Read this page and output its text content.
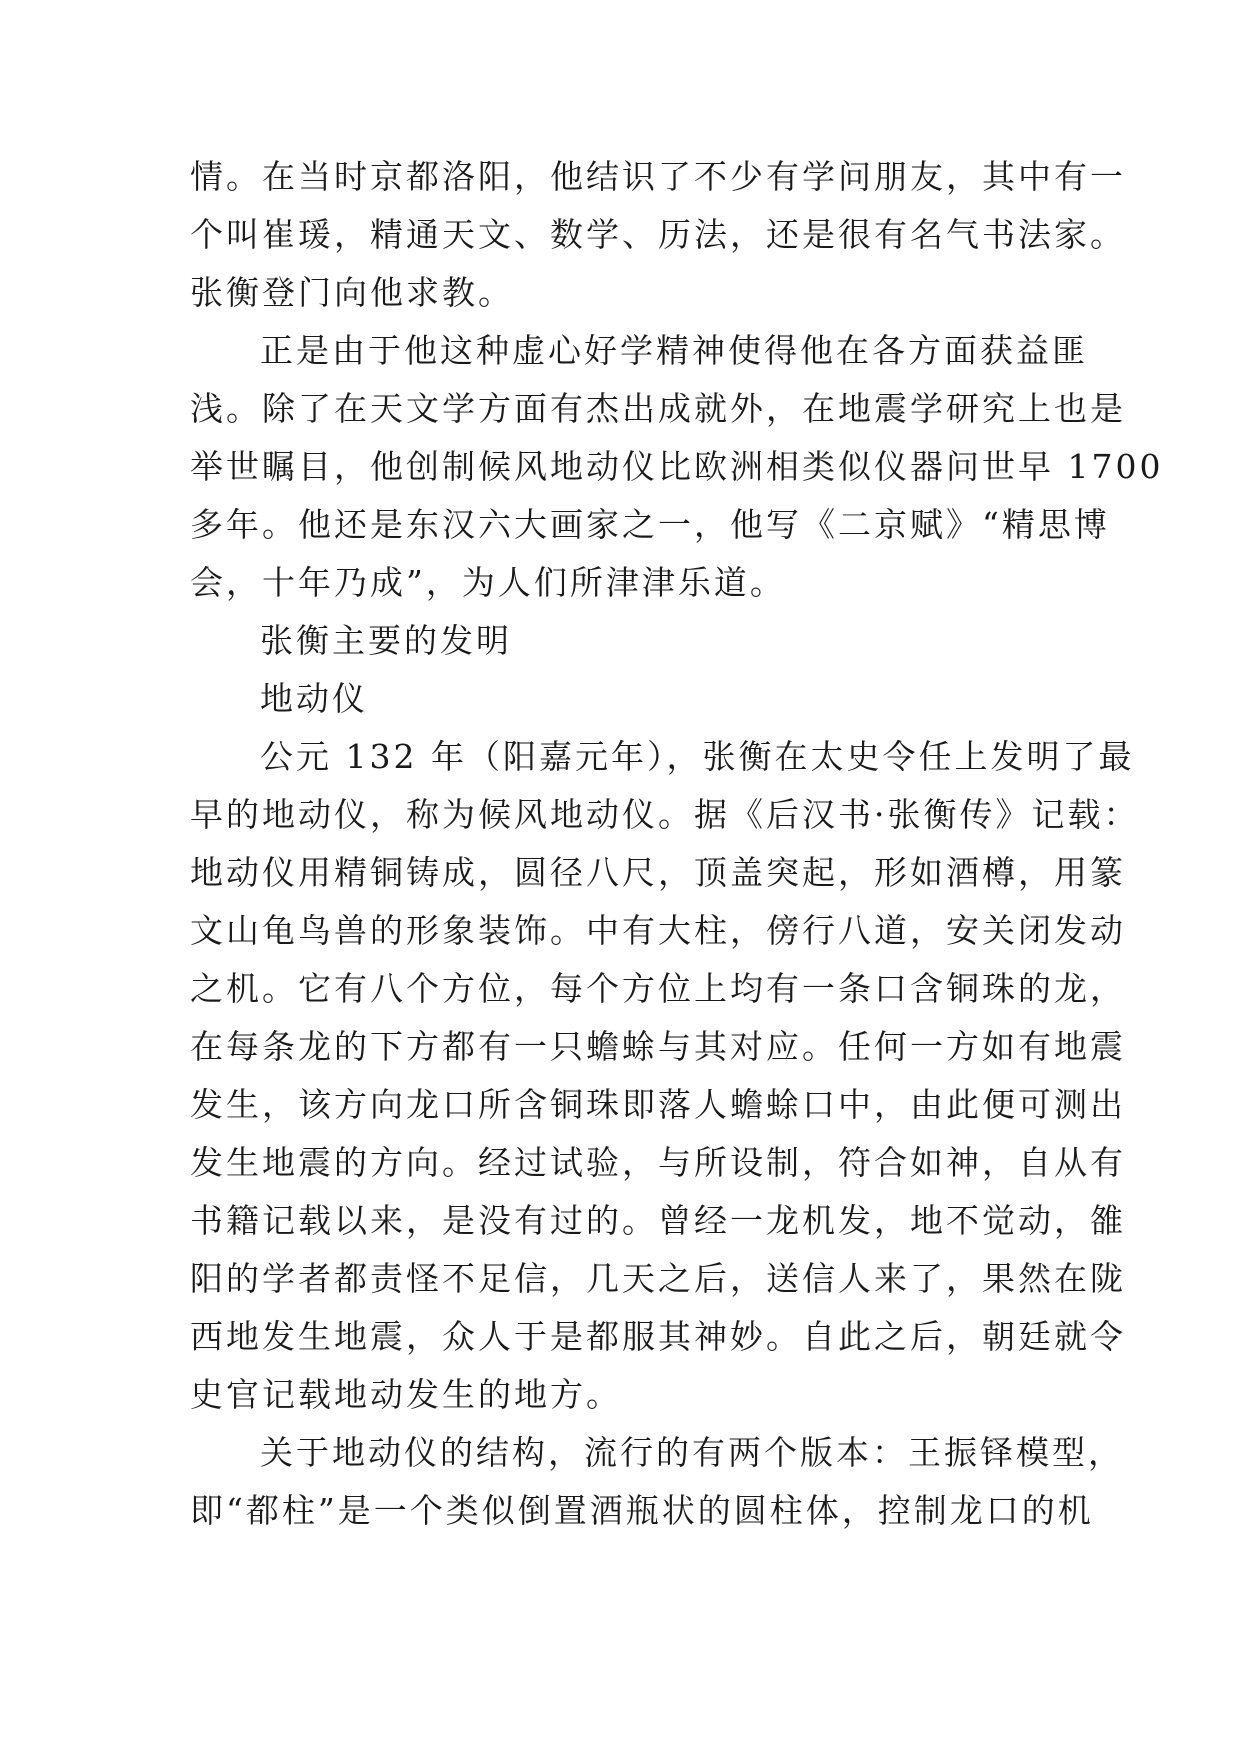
情。在当时京都洛阳，他结识了不少有学问朋友，其中有一
个叫崔瑗，精通天文、数学、历法，还是很有名气书法家。
张衡登门向他求教。
正是由于他这种虚心好学精神使得他在各方面获益匪
浅。除了在天文学方面有杰出成就外，在地震学研究上也是
举世瞩目，他创制候风地动仪比欧洲相类似仪器问世早 1700
多年。他还是东汉六大画家之一，他写《二京赋》“精思博
会，十年乃成”，为人们所津津乐道。
张衡主要的发明
地动仪
公元 132 年（阳嘉元年），张衡在太史令任上发明了最
早的地动仪，称为候风地动仪。据《后汉书·张衡传》记载：
地动仪用精铜铸成，圆径八尺，顶盖突起，形如酒樽，用篆
文山龟鸟兽的形象装饰。中有大柱，傍行八道，安关闭发动
之机。它有八个方位，每个方位上均有一条口含铜珠的龙，
在每条龙的下方都有一只蟾蜍与其对应。任何一方如有地震
发生，该方向龙口所含铜珠即落人蟾蜍口中，由此便可测出
发生地震的方向。经过试验，与所设制，符合如神，自从有
书籍记载以来，是没有过的。曾经一龙机发，地不觉动，雒
阳的学者都责怪不足信，几天之后，送信人来了，果然在陇
西地发生地震，众人于是都服其神妙。自此之后，朝廷就令
史官记载地动发生的地方。
关于地动仪的结构，流行的有两个版本：王振铎模型，
即“都柱”是一个类似倒置酒瓶状的圆柱体，控制龙口的机
